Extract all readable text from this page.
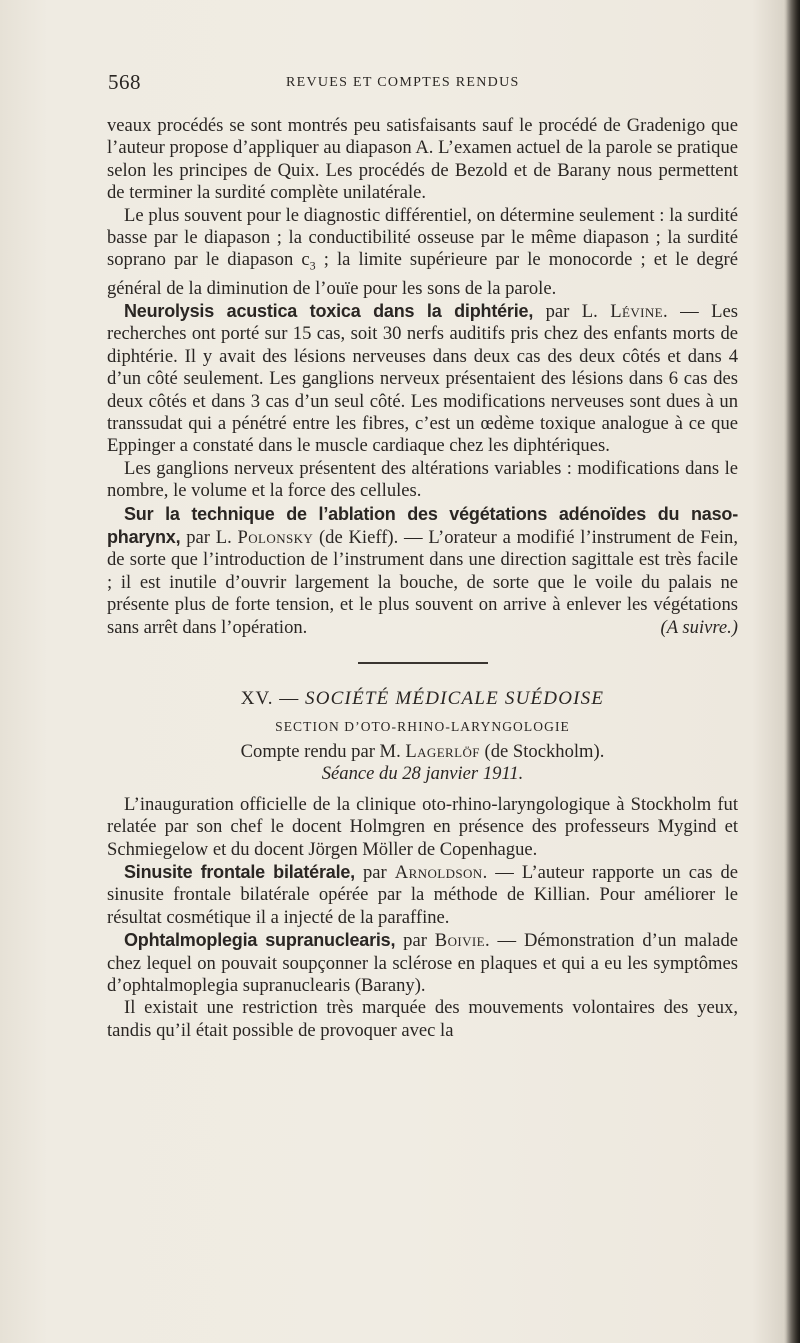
568	REVUES ET COMPTES RENDUS

veaux procédés se sont montrés peu satisfaisants sauf le procédé de Gradenigo que l’auteur propose d’appliquer au diapason A. L’examen actuel de la parole se pratique selon les principes de Quix. Les procédés de Bezold et de Barany nous permettent de terminer la surdité complète unilatérale.

Le plus souvent pour le diagnostic différentiel, on détermine seulement : la surdité basse par le diapason ; la conductibilité osseuse par le même diapason ; la surdité soprano par le diapason $c_3$ ; la limite supérieure par le monocorde ; et le degré général de la diminution de l’ouïe pour les sons de la parole.

Neurolysis acustica toxica dans la diphtérie, par L. Lévine. — Les recherches ont porté sur 15 cas, soit 30 nerfs auditifs pris chez des enfants morts de diphtérie. Il y avait des lésions nerveuses dans deux cas des deux côtés et dans 4 d’un côté seulement. Les ganglions nerveux présentaient des lésions dans 6 cas des deux côtés et dans 3 cas d’un seul côté. Les modifications nerveuses sont dues à un transsudat qui a pénétré entre les fibres, c’est un œdème toxique analogue à ce que Eppinger a constaté dans le muscle cardiaque chez les diphtériques.

Les ganglions nerveux présentent des altérations variables : modifications dans le nombre, le volume et la force des cellules.

Sur la technique de l’ablation des végétations adénoïdes du naso-pharynx, par L. Polonsky (de Kieff). — L’orateur a modifié l’instrument de Fein, de sorte que l’introduction de l’instrument dans une direction sagittale est très facile ; il est inutile d’ouvrir largement la bouche, de sorte que le voile du palais ne présente plus de forte tension, et le plus souvent on arrive à enlever les végétations sans arrêt dans l’opération.	(A suivre.)

XV. — SOCIÉTÉ MÉDICALE SUÉDOISE
SECTION D’OTO-RHINO-LARYNGOLOGIE
Compte rendu par M. Lagerlöf (de Stockholm).
Séance du 28 janvier 1911.

L’inauguration officielle de la clinique oto-rhino-laryngologique à Stockholm fut relatée par son chef le docent Holmgren en présence des professeurs Mygind et Schmiegelow et du docent Jörgen Möller de Copenhague.

Sinusite frontale bilatérale, par Arnoldson. — L’auteur rapporte un cas de sinusite frontale bilatérale opérée par la méthode de Killian. Pour améliorer le résultat cosmétique il a injecté de la paraffine.

Ophtalmoplegia supranuclearis, par Boivie. — Démonstration d’un malade chez lequel on pouvait soupçonner la sclérose en plaques et qui a eu les symptômes d’ophtalmoplegia supranuclearis (Barany).

Il existait une restriction très marquée des mouvements volontaires des yeux, tandis qu’il était possible de provoquer avec la
